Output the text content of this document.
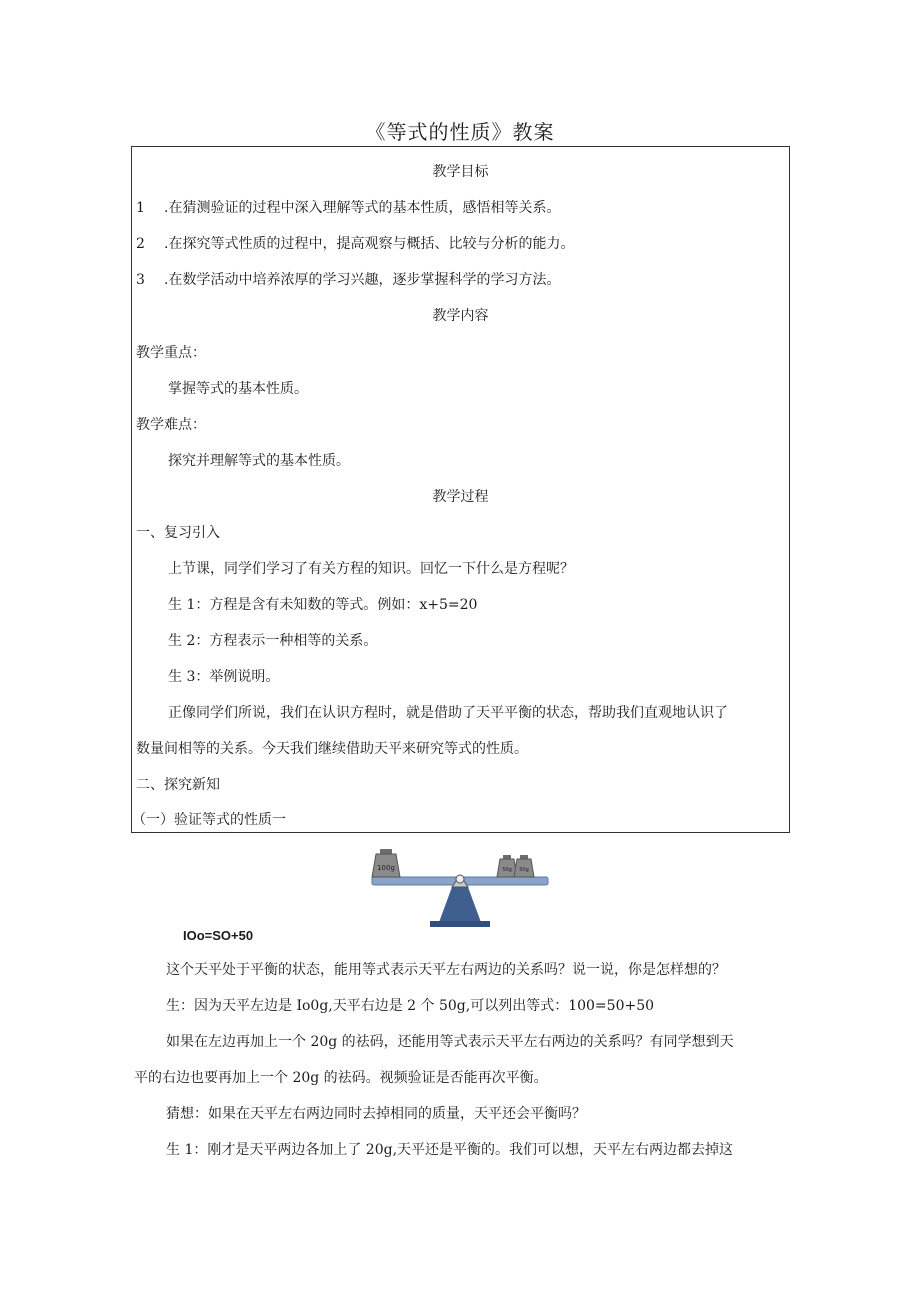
《等式的性质》教案
教学目标
1 .在猜测验证的过程中深入理解等式的基本性质，感悟相等关系。
2 .在探究等式性质的过程中，提高观察与概括、比较与分析的能力。
3 .在数学活动中培养浓厚的学习兴趣，逐步掌握科学的学习方法。
教学内容
教学重点：
掌握等式的基本性质。
教学难点：
探究并理解等式的基本性质。
教学过程
一、复习引入
上节课，同学们学习了有关方程的知识。回忆一下什么是方程呢？
生 1：方程是含有未知数的等式。例如：x+5=20
生 2：方程表示一种相等的关系。
生 3：举例说明。
正像同学们所说，我们在认识方程时，就是借助了天平平衡的状态，帮助我们直观地认识了
数量间相等的关系。今天我们继续借助天平来研究等式的性质。
二、探究新知
（一）验证等式的性质一
100g	50g 50g
IOo=SO+50
这个天平处于平衡的状态，能用等式表示天平左右两边的关系吗？说一说，你是怎样想的？
生：因为天平左边是 Io0g,天平右边是 2 个 50g,可以列出等式：100=50+50
如果在左边再加上一个 20g 的祛码，还能用等式表示天平左右两边的关系吗？有同学想到天
平的右边也要再加上一个 20g 的祛码。视频验证是否能再次平衡。
猜想：如果在天平左右两边同时去掉相同的质量，天平还会平衡吗？
生 1：刚才是天平两边各加上了 20g,天平还是平衡的。我们可以想，天平左右两边都去掉这
